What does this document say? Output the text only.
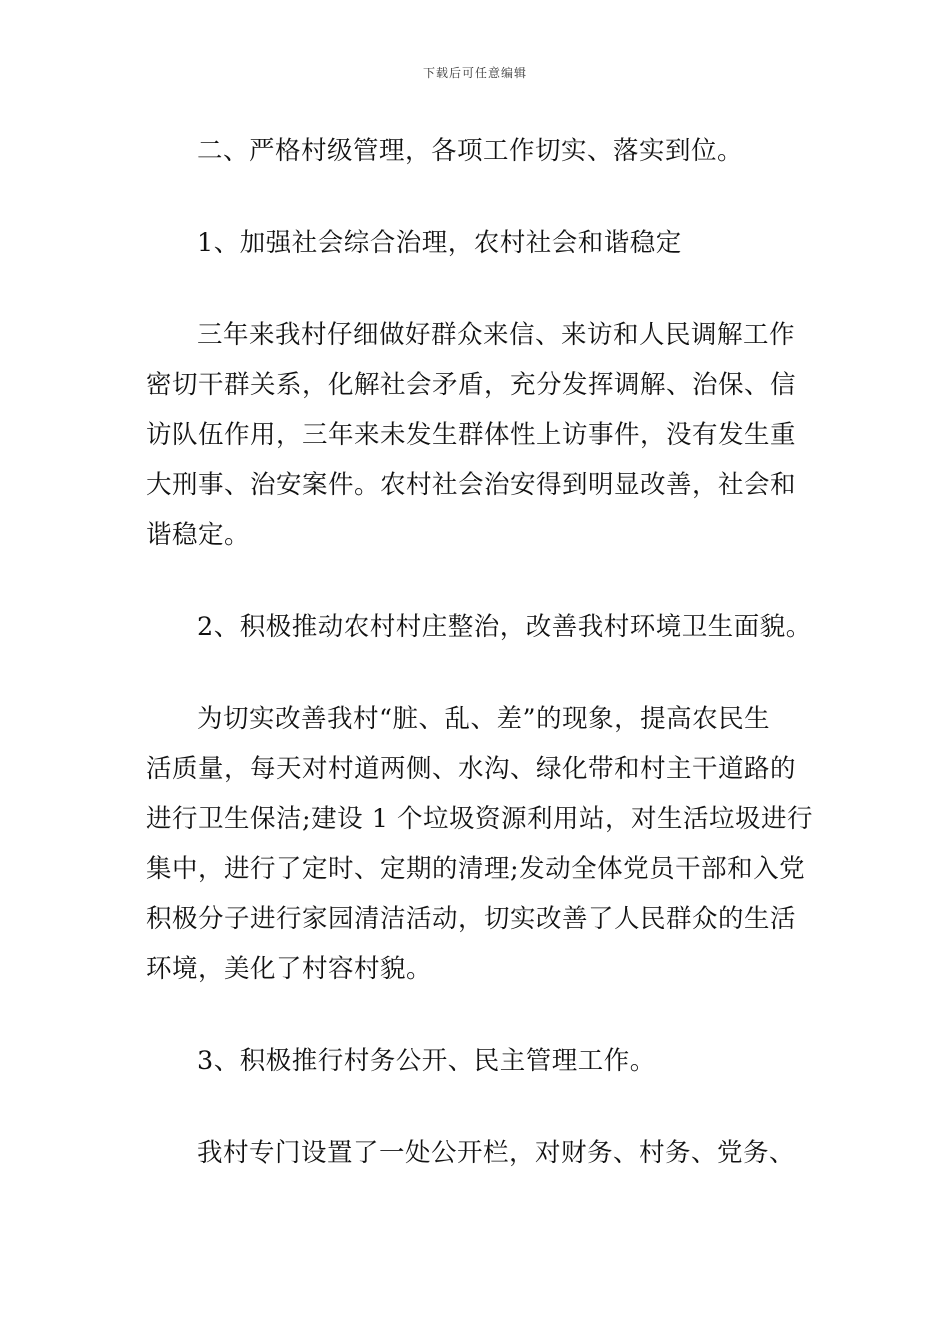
下载后可任意编辑
二、严格村级管理，各项工作切实、落实到位。
1、加强社会综合治理，农村社会和谐稳定
三年来我村仔细做好群众来信、来访和人民调解工作
密切干群关系，化解社会矛盾，充分发挥调解、治保、信
访队伍作用，三年来未发生群体性上访事件，没有发生重
大刑事、治安案件。农村社会治安得到明显改善，社会和
谐稳定。
2、积极推动农村村庄整治，改善我村环境卫生面貌。
为切实改善我村“脏、乱、差”的现象，提高农民生
活质量，每天对村道两侧、水沟、绿化带和村主干道路的
进行卫生保洁;建设 1 个垃圾资源利用站，对生活垃圾进行
集中，进行了定时、定期的清理;发动全体党员干部和入党
积极分子进行家园清洁活动，切实改善了人民群众的生活
环境，美化了村容村貌。
3、积极推行村务公开、民主管理工作。
我村专门设置了一处公开栏，对财务、村务、党务、
